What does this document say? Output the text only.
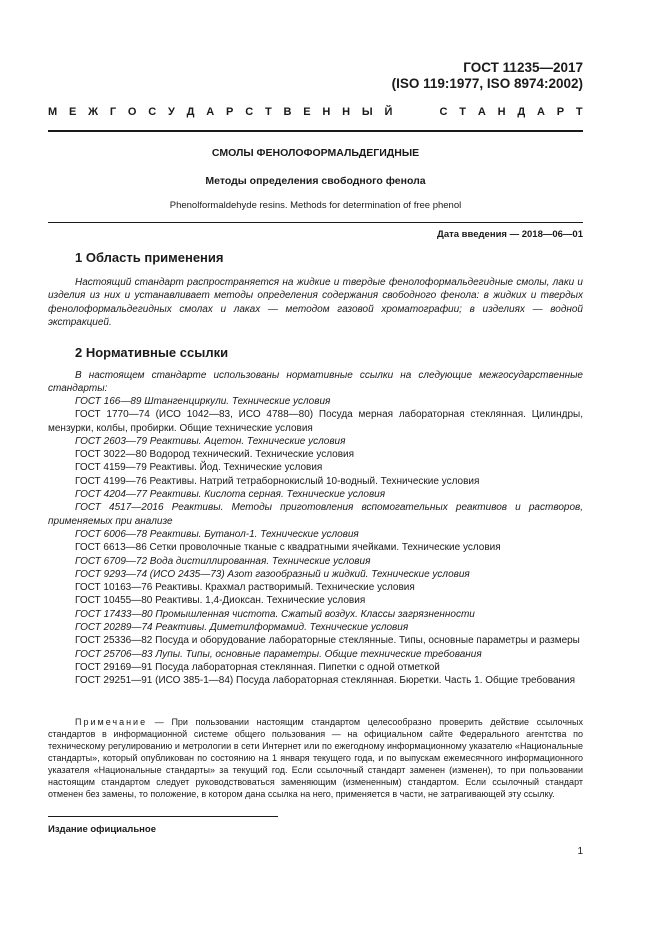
ГОСТ 11235—2017
(ISO 119:1977, ISO 8974:2002)
М Е Ж Г О С У Д А Р С Т В Е Н Н Ы Й	С Т А Н Д А Р Т
СМОЛЫ ФЕНОЛОФОРМАЛЬДЕГИДНЫЕ
Методы определения свободного фенола
Phenolformaldehyde resins. Methods for determination of free phenol
Дата введения — 2018—06—01
1 Область применения
Настоящий стандарт распространяется на жидкие и твердые фенолоформальдегидные смолы, лаки и изделия из них и устанавливает методы определения содержания свободного фенола: в жидких и твердых фенолоформальдегидных смолах и лаках — методом газовой хроматографии; в изделиях — водной экстракцией.
2 Нормативные ссылки
В настоящем стандарте использованы нормативные ссылки на следующие межгосударственные стандарты:
ГОСТ 166—89 Штангенциркули. Технические условия
ГОСТ 1770—74 (ИСО 1042—83, ИСО 4788—80) Посуда мерная лабораторная стеклянная. Цилиндры, мензурки, колбы, пробирки. Общие технические условия
ГОСТ 2603—79 Реактивы. Ацетон. Технические условия
ГОСТ 3022—80 Водород технический. Технические условия
ГОСТ 4159—79 Реактивы. Йод. Технические условия
ГОСТ 4199—76 Реактивы. Натрий тетраборнокислый 10-водный. Технические условия
ГОСТ 4204—77 Реактивы. Кислота серная. Технические условия
ГОСТ 4517—2016 Реактивы. Методы приготовления вспомогательных реактивов и растворов, применяемых при анализе
ГОСТ 6006—78 Реактивы. Бутанол-1. Технические условия
ГОСТ 6613—86 Сетки проволочные тканые с квадратными ячейками. Технические условия
ГОСТ 6709—72 Вода дистиллированная. Технические условия
ГОСТ 9293—74 (ИСО 2435—73) Азот газообразный и жидкий. Технические условия
ГОСТ 10163—76 Реактивы. Крахмал растворимый. Технические условия
ГОСТ 10455—80 Реактивы. 1,4-Диоксан. Технические условия
ГОСТ 17433—80 Промышленная чистота. Сжатый воздух. Классы загрязненности
ГОСТ 20289—74 Реактивы. Диметилформамид. Технические условия
ГОСТ 25336—82 Посуда и оборудование лабораторные стеклянные. Типы, основные параметры и размеры
ГОСТ 25706—83 Лупы. Типы, основные параметры. Общие технические требования
ГОСТ 29169—91 Посуда лабораторная стеклянная. Пипетки с одной отметкой
ГОСТ 29251—91 (ИСО 385-1—84) Посуда лабораторная стеклянная. Бюретки. Часть 1. Общие требования
Примечание — При пользовании настоящим стандартом целесообразно проверить действие ссылочных стандартов в информационной системе общего пользования — на официальном сайте Федерального агентства по техническому регулированию и метрологии в сети Интернет или по ежегодному информационному указателю «Национальные стандарты», который опубликован по состоянию на 1 января текущего года, и по выпускам ежемесячного информационного указателя «Национальные стандарты» за текущий год. Если ссылочный стандарт заменен (изменен), то при пользовании настоящим стандартом следует руководствоваться заменяющим (измененным) стандартом. Если ссылочный стандарт отменен без замены, то положение, в котором дана ссылка на него, применяется в части, не затрагивающей эту ссылку.
Издание официальное
1
